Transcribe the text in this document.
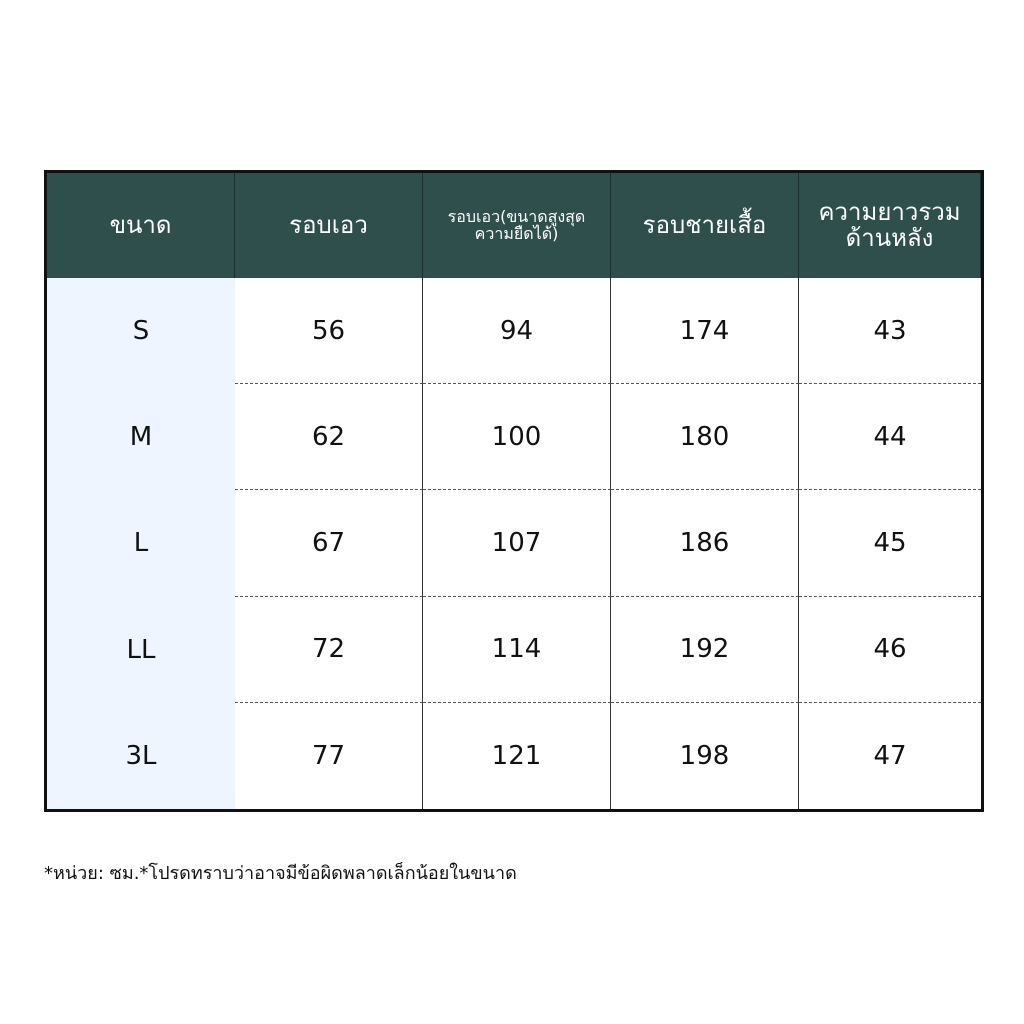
ขนาด	รอบเอว	รอบเอว(ขนาดสูงสุดความยืดได้)	รอบชายเสื้อ	ความยาวรวมด้านหลัง
S	56	94	174	43
M	62	100	180	44
L	67	107	186	45
LL	72	114	192	46
3L	77	121	198	47
*หน่วย: ซม.*โปรดทราบว่าอาจมีข้อผิดพลาดเล็กน้อยในขนาด
